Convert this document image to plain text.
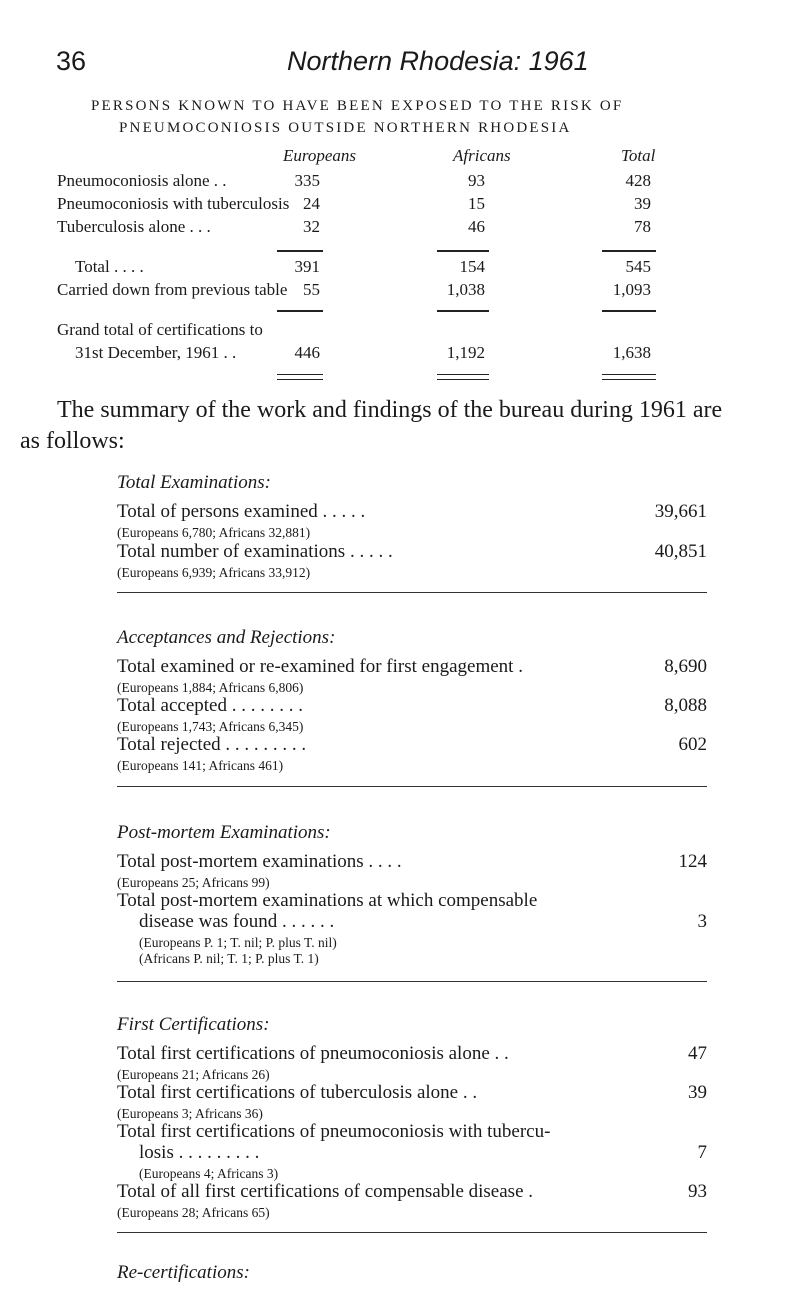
36	Northern Rhodesia: 1961
PERSONS KNOWN TO HAVE BEEN EXPOSED TO THE RISK OF
PNEUMOCONIOSIS OUTSIDE NORTHERN RHODESIA
Europeans	Africans	Total
Pneumoconiosis alone . .	335	93	428
Pneumoconiosis with tuberculosis 24	15	39
Tuberculosis alone . . .	32	46	78
Total . . . .	391	154	545
Carried down from previous table 55	1,038	1,093
Grand total of certifications to
31st December, 1961 . .	446	1,192	1,638
The summary of the work and findings of the bureau during 1961 are
as follows:
Total Examinations:
Total of persons examined . . . . .
(Europeans 6,780; Africans 32,881)
39,661
Total number of examinations . . . . .
(Europeans 6,939; Africans 33,912)
40,851
Acceptances and Rejections:
Total examined or re-examined for first engagement .
(Europeans 1,884; Africans 6,806)
8,690
Total accepted . . . . . . . .
(Europeans 1,743; Africans 6,345)
8,088
Total rejected . . . . . . . . .
(Europeans 141; Africans 461)
602
Post-mortem Examinations:
Total post-mortem examinations . . . .
(Europeans 25; Africans 99)
124
Total post-mortem examinations at which compensable
disease was found . . . . . .
(Europeans P. 1; T. nil; P. plus T. nil)
(Africans P. nil; T. 1; P. plus T. 1)
3
First Certifications:
Total first certifications of pneumoconiosis alone . .
(Europeans 21; Africans 26)
47
Total first certifications of tuberculosis alone . .
(Europeans 3; Africans 36)
39
Total first certifications of pneumoconiosis with tubercu-
losis . . . . . . . . .
(Europeans 4; Africans 3)
7
Total of all first certifications of compensable disease .
(Europeans 28; Africans 65)
93
Re-certifications:
